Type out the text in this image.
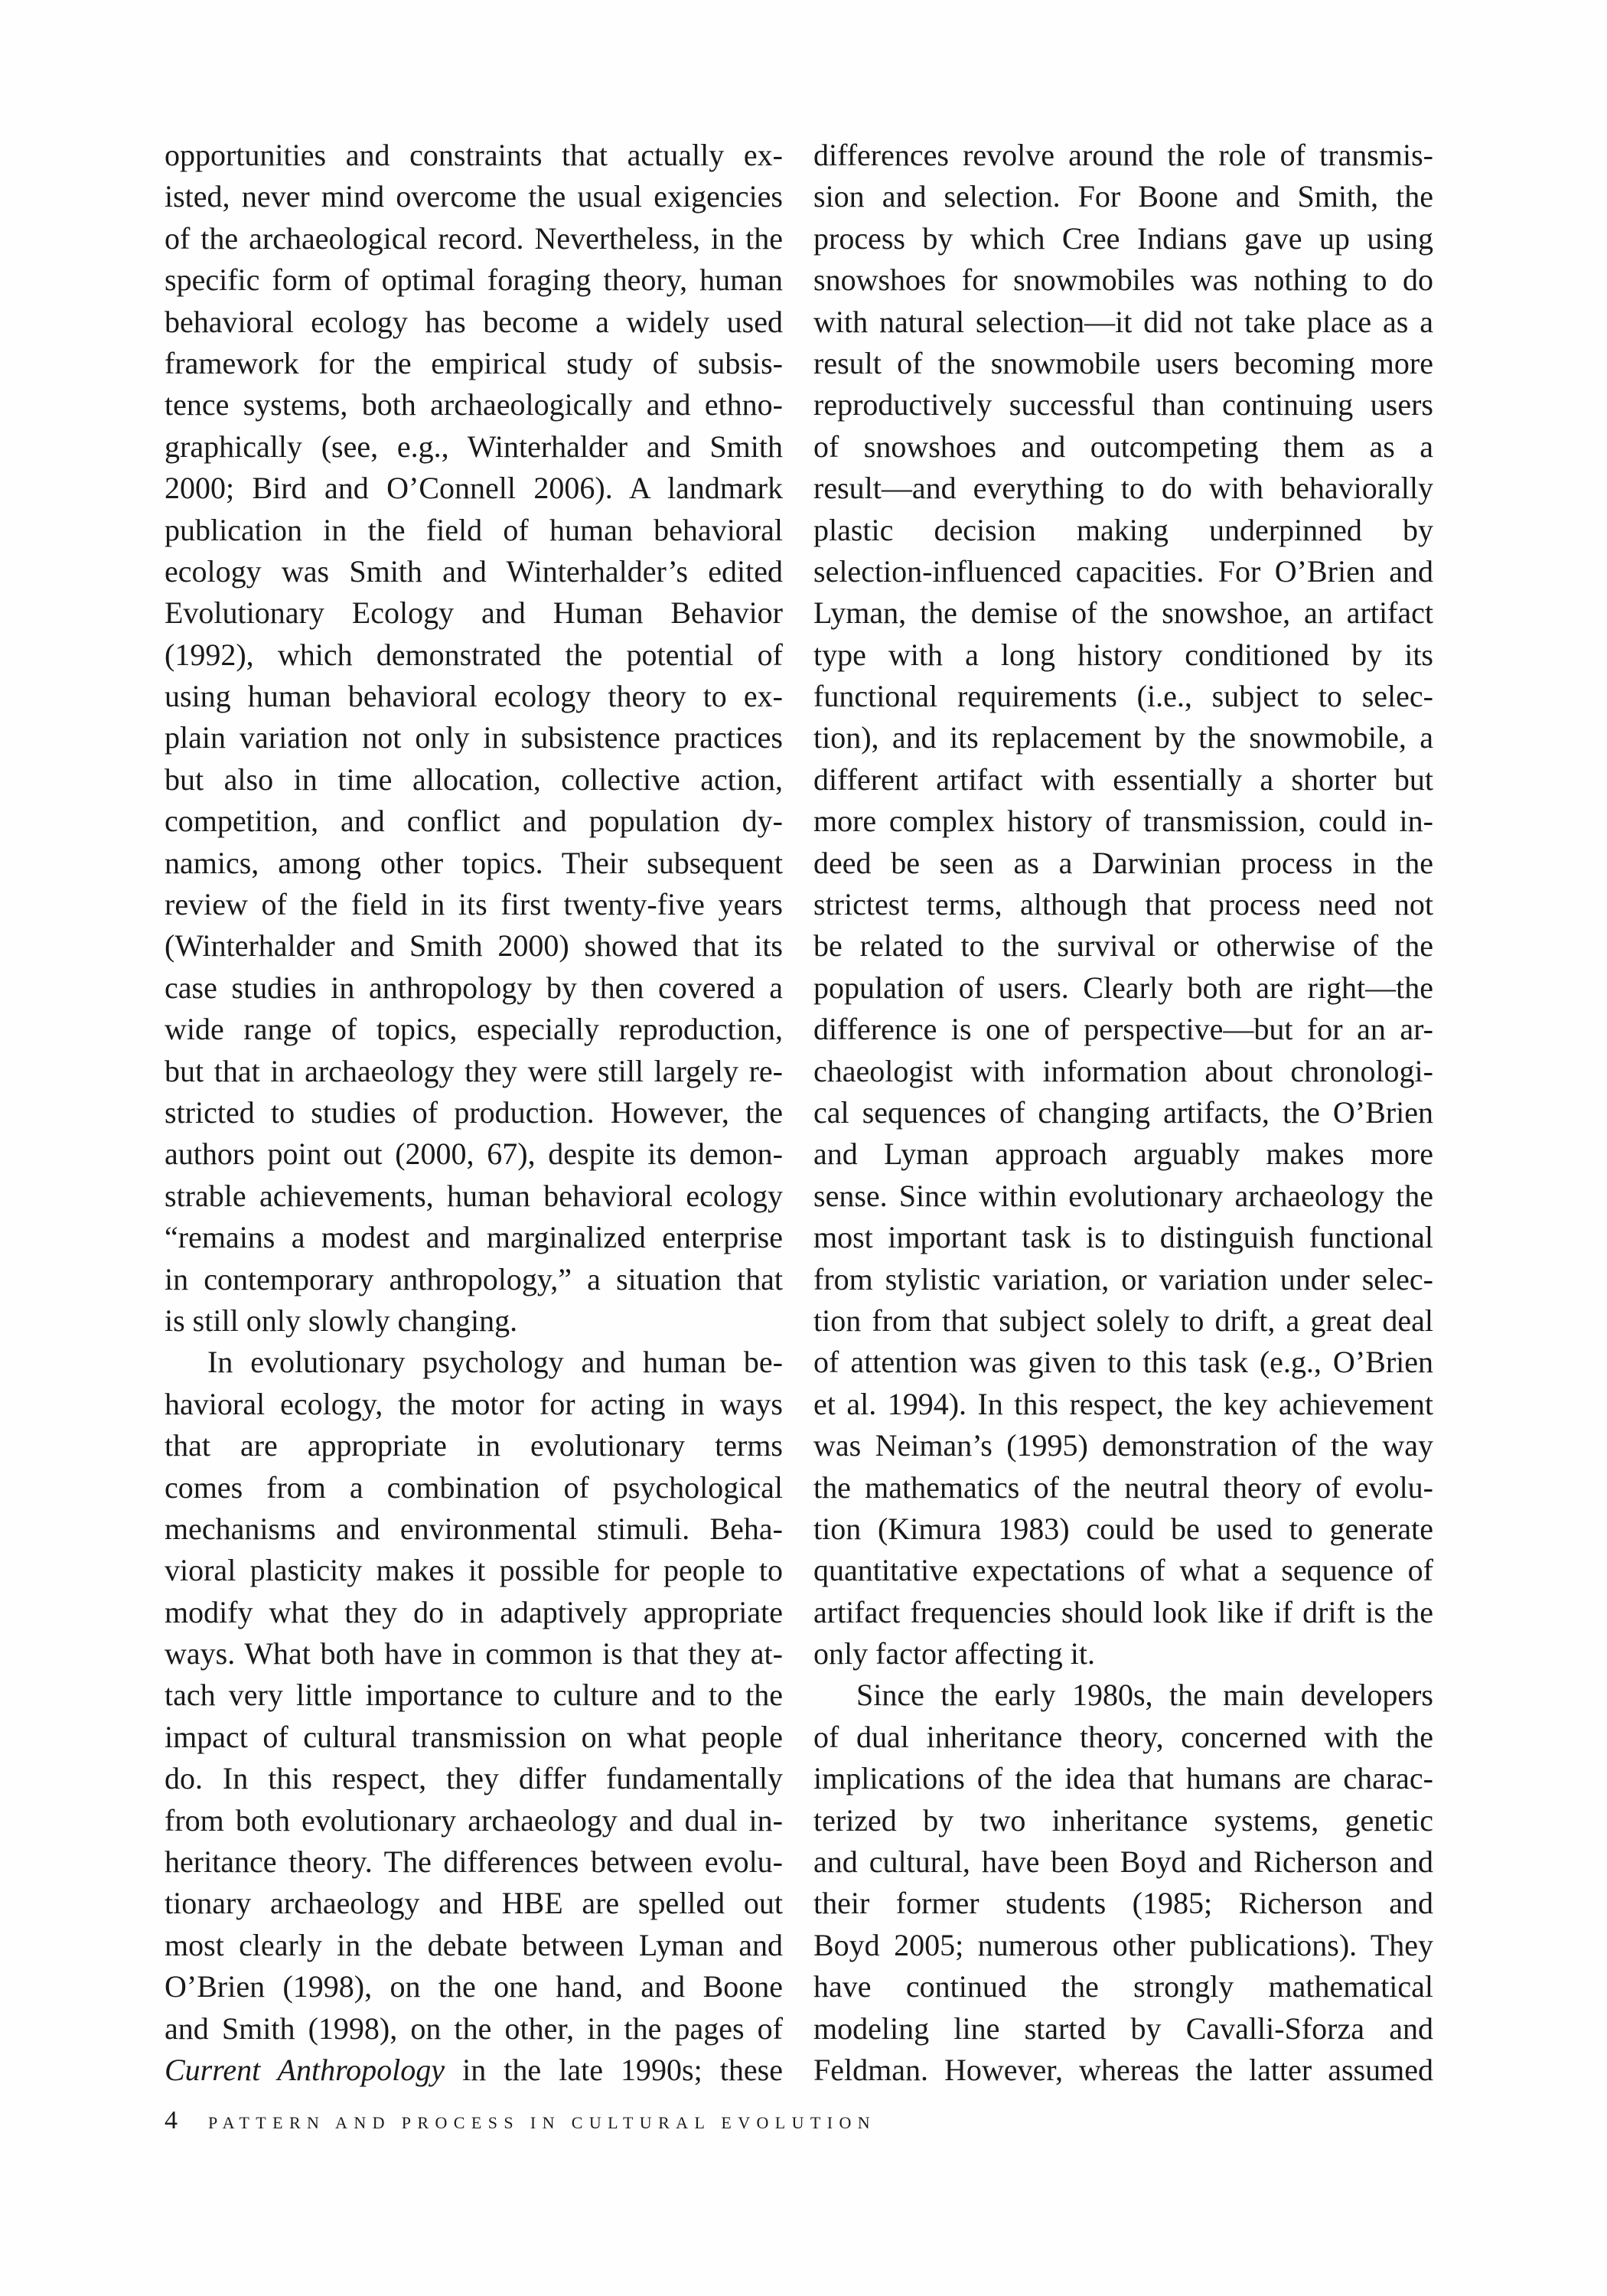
opportunities and constraints that actually ex-
isted, never mind overcome the usual exigencies
of the archaeological record. Nevertheless, in the
specific form of optimal foraging theory, human
behavioral ecology has become a widely used
framework for the empirical study of subsis-
tence systems, both archaeologically and ethno-
graphically (see, e.g., Winterhalder and Smith
2000; Bird and O’Connell 2006). A landmark
publication in the field of human behavioral
ecology was Smith and Winterhalder’s edited
Evolutionary Ecology and Human Behavior
(1992), which demonstrated the potential of
using human behavioral ecology theory to ex-
plain variation not only in subsistence practices
but also in time allocation, collective action,
competition, and conflict and population dy-
namics, among other topics. Their subsequent
review of the field in its first twenty-five years
(Winterhalder and Smith 2000) showed that its
case studies in anthropology by then covered a
wide range of topics, especially reproduction,
but that in archaeology they were still largely re-
stricted to studies of production. However, the
authors point out (2000, 67), despite its demon-
strable achievements, human behavioral ecology
“remains a modest and marginalized enterprise
in contemporary anthropology,” a situation that
is still only slowly changing.
In evolutionary psychology and human be-
havioral ecology, the motor for acting in ways
that are appropriate in evolutionary terms
comes from a combination of psychological
mechanisms and environmental stimuli. Beha-
vioral plasticity makes it possible for people to
modify what they do in adaptively appropriate
ways. What both have in common is that they at-
tach very little importance to culture and to the
impact of cultural transmission on what people
do. In this respect, they differ fundamentally
from both evolutionary archaeology and dual in-
heritance theory. The differences between evolu-
tionary archaeology and HBE are spelled out
most clearly in the debate between Lyman and
O’Brien (1998), on the one hand, and Boone
and Smith (1998), on the other, in the pages of
Current Anthropology in the late 1990s; these
differences revolve around the role of transmis-
sion and selection. For Boone and Smith, the
process by which Cree Indians gave up using
snowshoes for snowmobiles was nothing to do
with natural selection—it did not take place as a
result of the snowmobile users becoming more
reproductively successful than continuing users
of snowshoes and outcompeting them as a
result—and everything to do with behaviorally
plastic decision making underpinned by
selection-influenced capacities. For O’Brien and
Lyman, the demise of the snowshoe, an artifact
type with a long history conditioned by its
functional requirements (i.e., subject to selec-
tion), and its replacement by the snowmobile, a
different artifact with essentially a shorter but
more complex history of transmission, could in-
deed be seen as a Darwinian process in the
strictest terms, although that process need not
be related to the survival or otherwise of the
population of users. Clearly both are right—the
difference is one of perspective—but for an ar-
chaeologist with information about chronologi-
cal sequences of changing artifacts, the O’Brien
and Lyman approach arguably makes more
sense. Since within evolutionary archaeology the
most important task is to distinguish functional
from stylistic variation, or variation under selec-
tion from that subject solely to drift, a great deal
of attention was given to this task (e.g., O’Brien
et al. 1994). In this respect, the key achievement
was Neiman’s (1995) demonstration of the way
the mathematics of the neutral theory of evolu-
tion (Kimura 1983) could be used to generate
quantitative expectations of what a sequence of
artifact frequencies should look like if drift is the
only factor affecting it.
Since the early 1980s, the main developers
of dual inheritance theory, concerned with the
implications of the idea that humans are charac-
terized by two inheritance systems, genetic
and cultural, have been Boyd and Richerson and
their former students (1985; Richerson and
Boyd 2005; numerous other publications). They
have continued the strongly mathematical
modeling line started by Cavalli-Sforza and
Feldman. However, whereas the latter assumed
4 PATTERN AND PROCESS IN CULTURAL EVOLUTION
